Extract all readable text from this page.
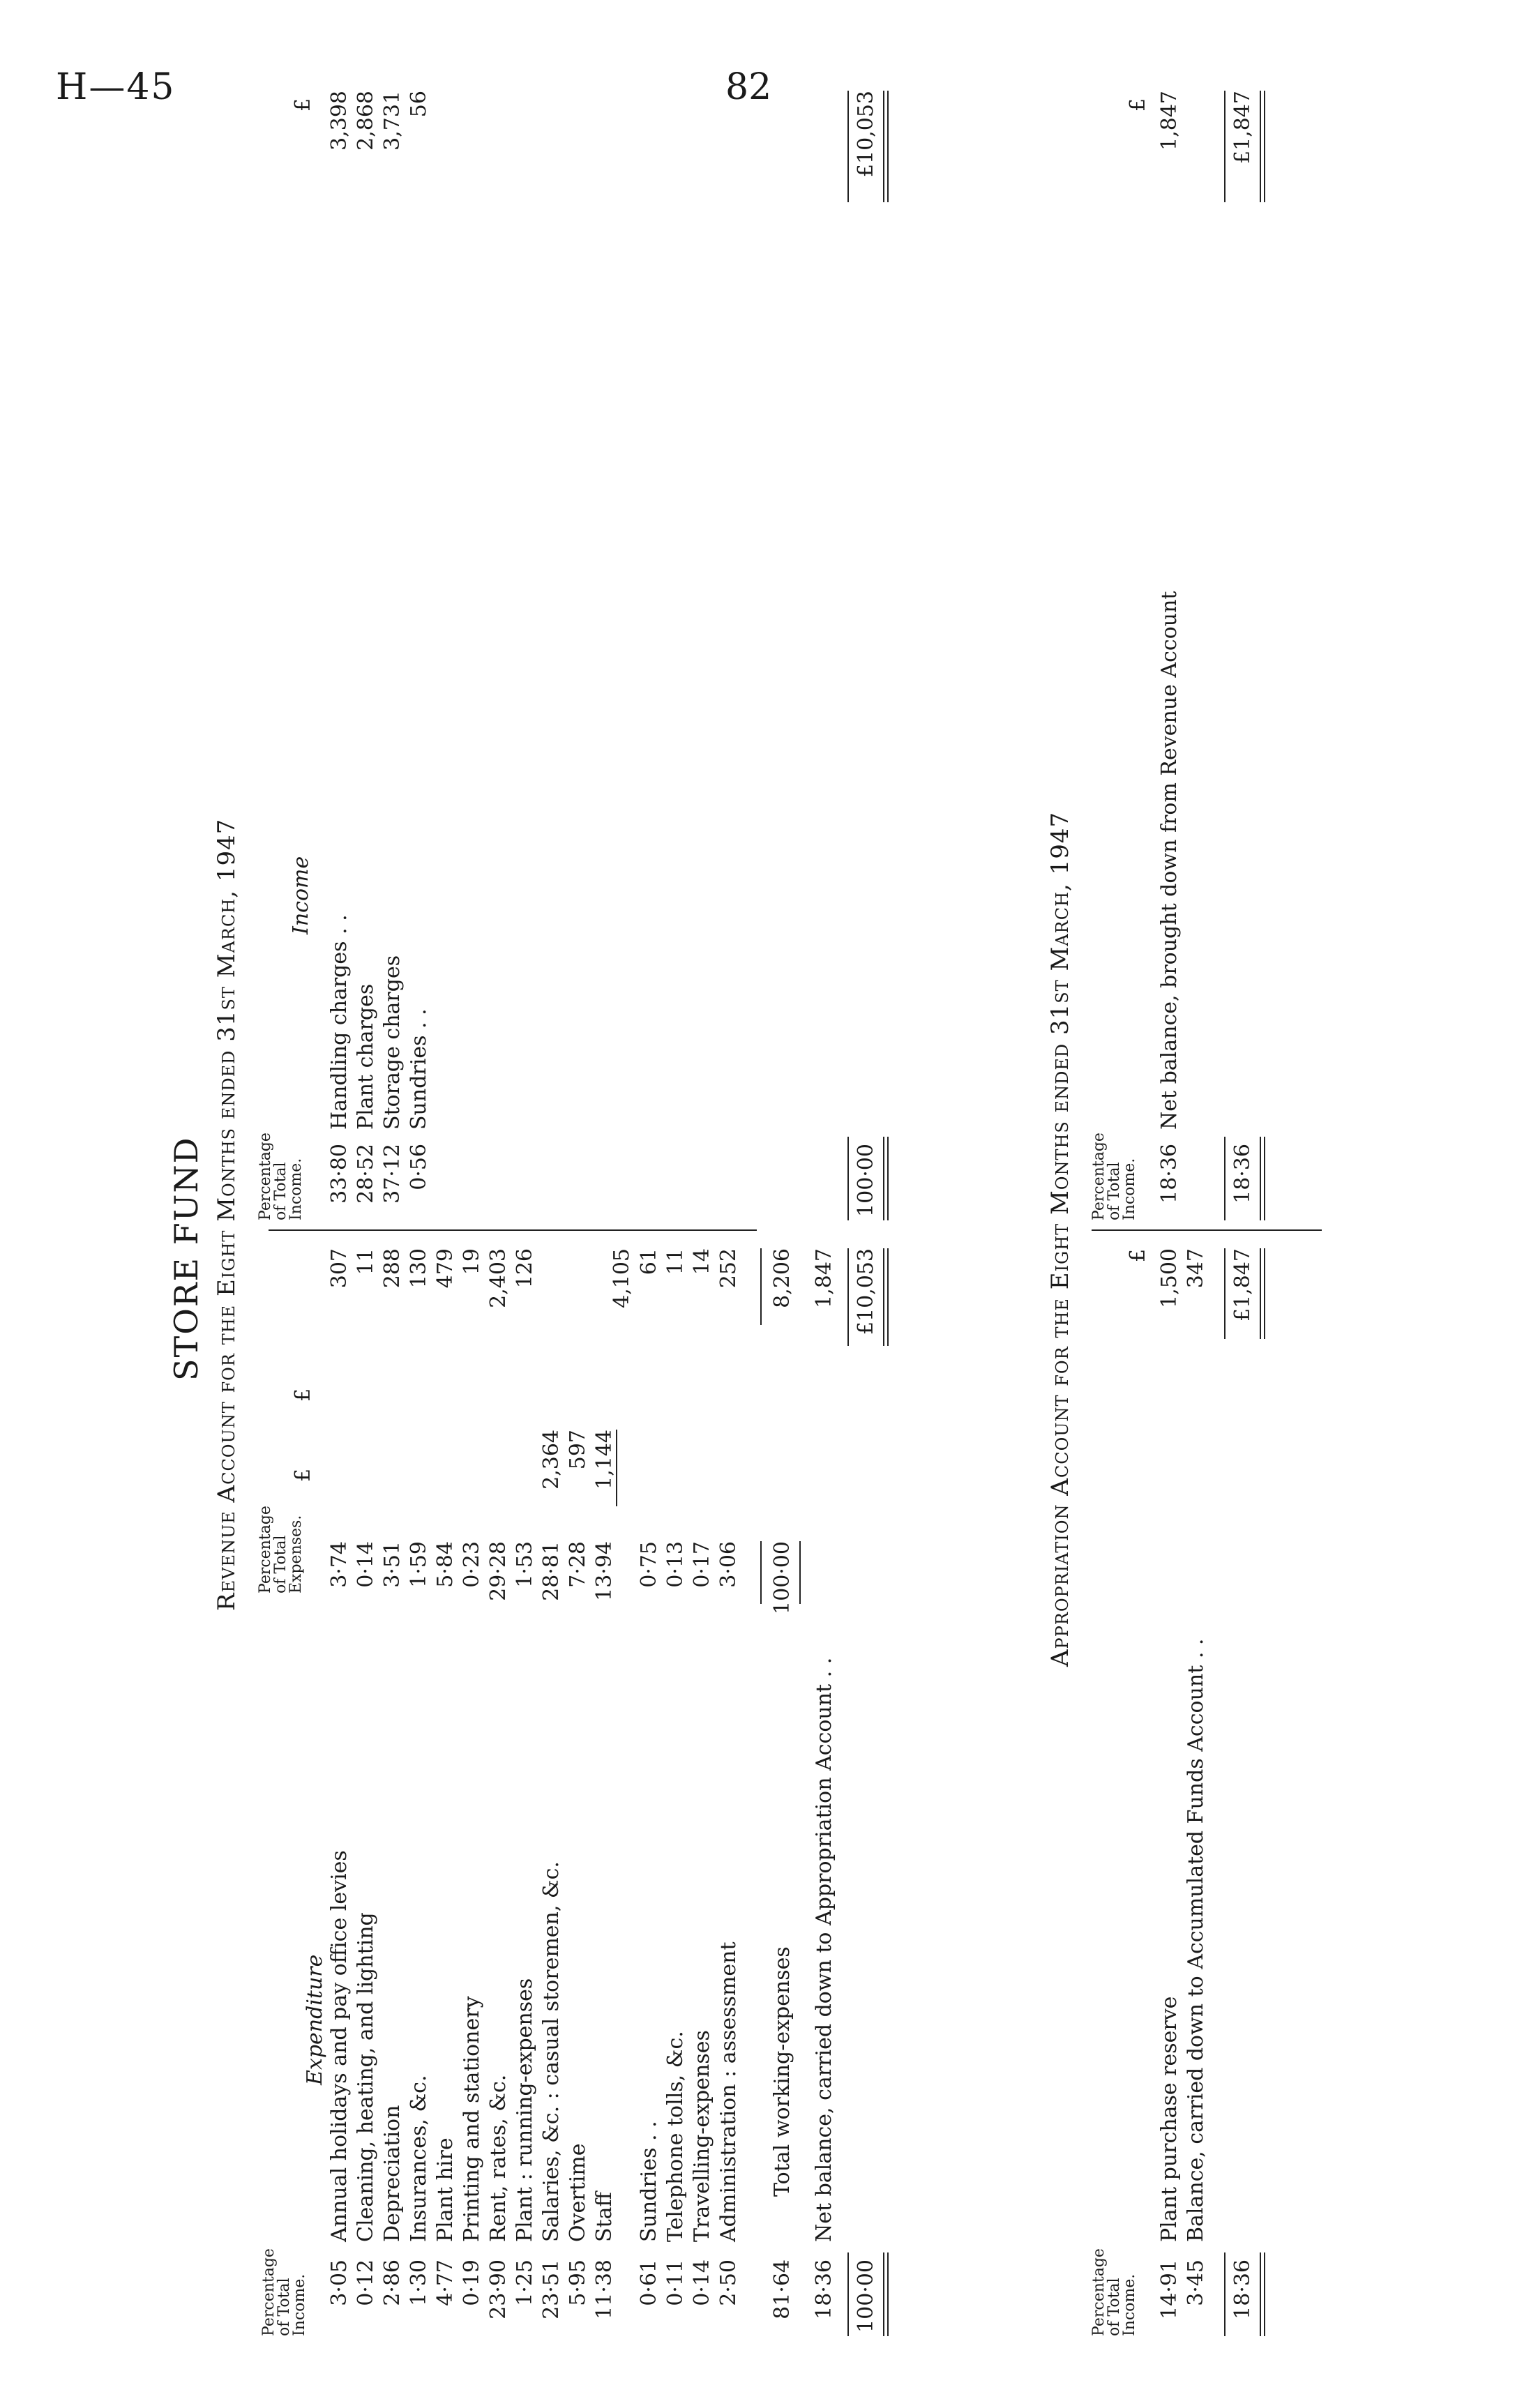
H—45	82
STORE FUND Revenue Account for the Eight Months ended 31st March, 1947
Percentage of Total Income.
Percentage of Total Expenses.
£
£
Percentage of Total Income.
£
Expenditure
Income
3·05
Annual holidays and pay office levies
3·74
307
0·12
Cleaning, heating, and lighting
0·14
11
2·86
Depreciation
3·51
288
1·30
Insurances, &c.
1·59
130
4·77
Plant hire
5·84
479
0·19
Printing and stationery
0·23
19
23·90
Rent, rates, &c.
29·28
2,403
1·25
Plant : running-expenses
1·53
126
23·51
Salaries, &c. : casual storemen, &c.
28·81
2,364
5·95
Overtime
7·28
597
11·38
Staff
13·94
1,144
4,105
0·61
Sundries . .
0·75
61
0·11
Telephone tolls, &c.
0·13
11
0·14
Travelling-expenses
0·17
14
2·50
Administration : assessment
3·06
252
81·64
Total working-expenses
100·00
8,206
18·36
Net balance, carried down to Appropriation Account . .
1,847
100·00
£10,053
33·80
Handling charges . .
3,398
28·52
Plant charges
2,868
37·12
Storage charges
3,731
0·56
Sundries . .
56
100·00
£10,053
Appropriation Account for the Eight Months ended 31st March, 1947
Percentage of Total Income.
£
Percentage of Total Income.
£
14·91
Plant purchase reserve
1,500
3·45
Balance, carried down to Accumulated Funds Account . .
347
18·36
£1,847
18·36
Net balance, brought down from Revenue Account
1,847
18·36
£1,847
